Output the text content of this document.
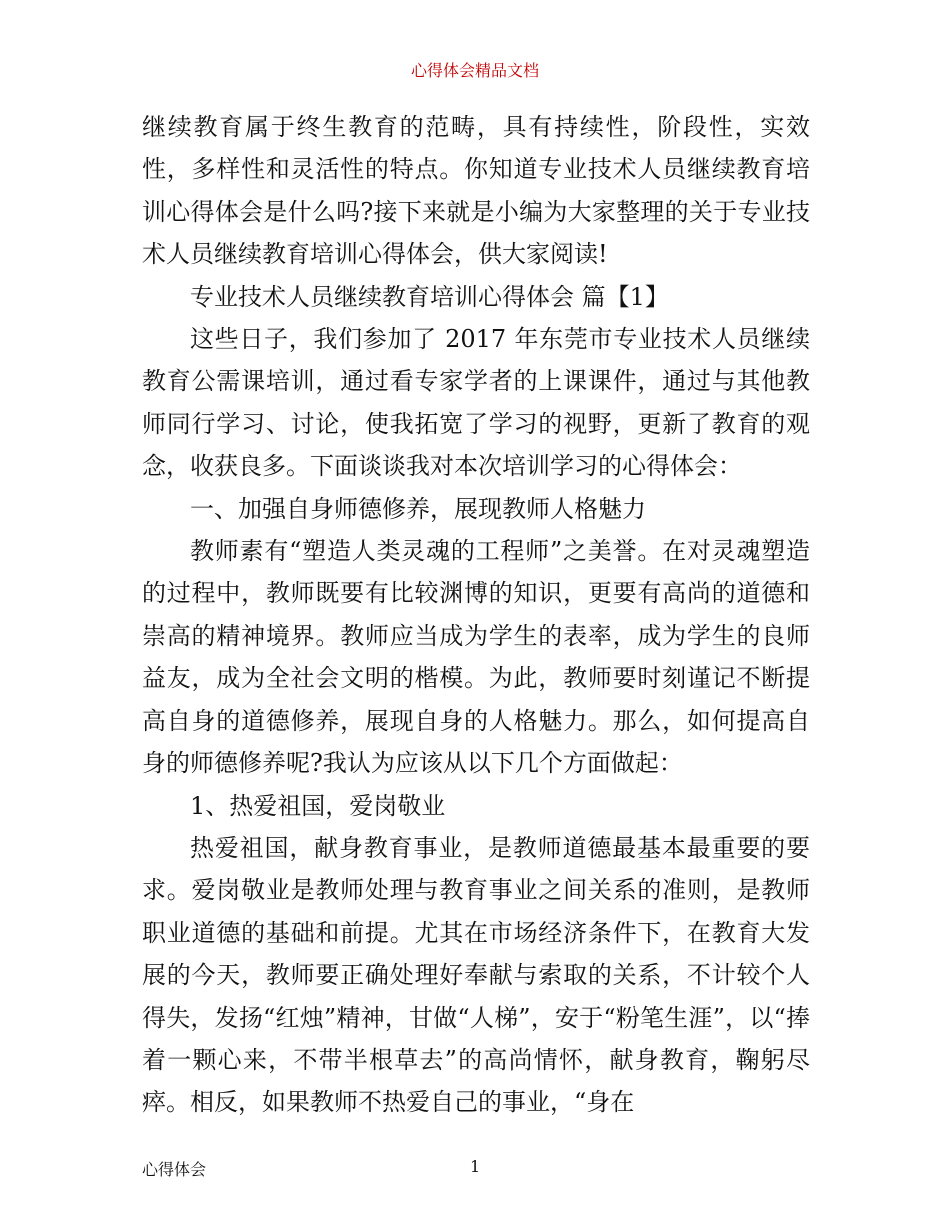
心得体会精品文档

继续教育属于终生教育的范畴，具有持续性，阶段性，实效性，多样性和灵活性的特点。你知道专业技术人员继续教育培训心得体会是什么吗?接下来就是小编为大家整理的关于专业技术人员继续教育培训心得体会，供大家阅读!

专业技术人员继续教育培训心得体会 篇【1】

这些日子，我们参加了 2017 年东莞市专业技术人员继续教育公需课培训，通过看专家学者的上课课件，通过与其他教师同行学习、讨论，使我拓宽了学习的视野，更新了教育的观念，收获良多。下面谈谈我对本次培训学习的心得体会：

一、加强自身师德修养，展现教师人格魅力

教师素有“塑造人类灵魂的工程师”之美誉。在对灵魂塑造的过程中，教师既要有比较渊博的知识，更要有高尚的道德和崇高的精神境界。教师应当成为学生的表率，成为学生的良师益友，成为全社会文明的楷模。为此，教师要时刻谨记不断提高自身的道德修养，展现自身的人格魅力。那么，如何提高自身的师德修养呢?我认为应该从以下几个方面做起：

1、热爱祖国，爱岗敬业

热爱祖国，献身教育事业，是教师道德最基本最重要的要求。爱岗敬业是教师处理与教育事业之间关系的准则，是教师职业道德的基础和前提。尤其在市场经济条件下，在教育大发展的今天，教师要正确处理好奉献与索取的关系，不计较个人得失，发扬“红烛”精神，甘做“人梯”，安于“粉笔生涯”，以“捧着一颗心来，不带半根草去”的高尚情怀，献身教育，鞠躬尽瘁。相反，如果教师不热爱自己的事业，“身在

心得体会	1
